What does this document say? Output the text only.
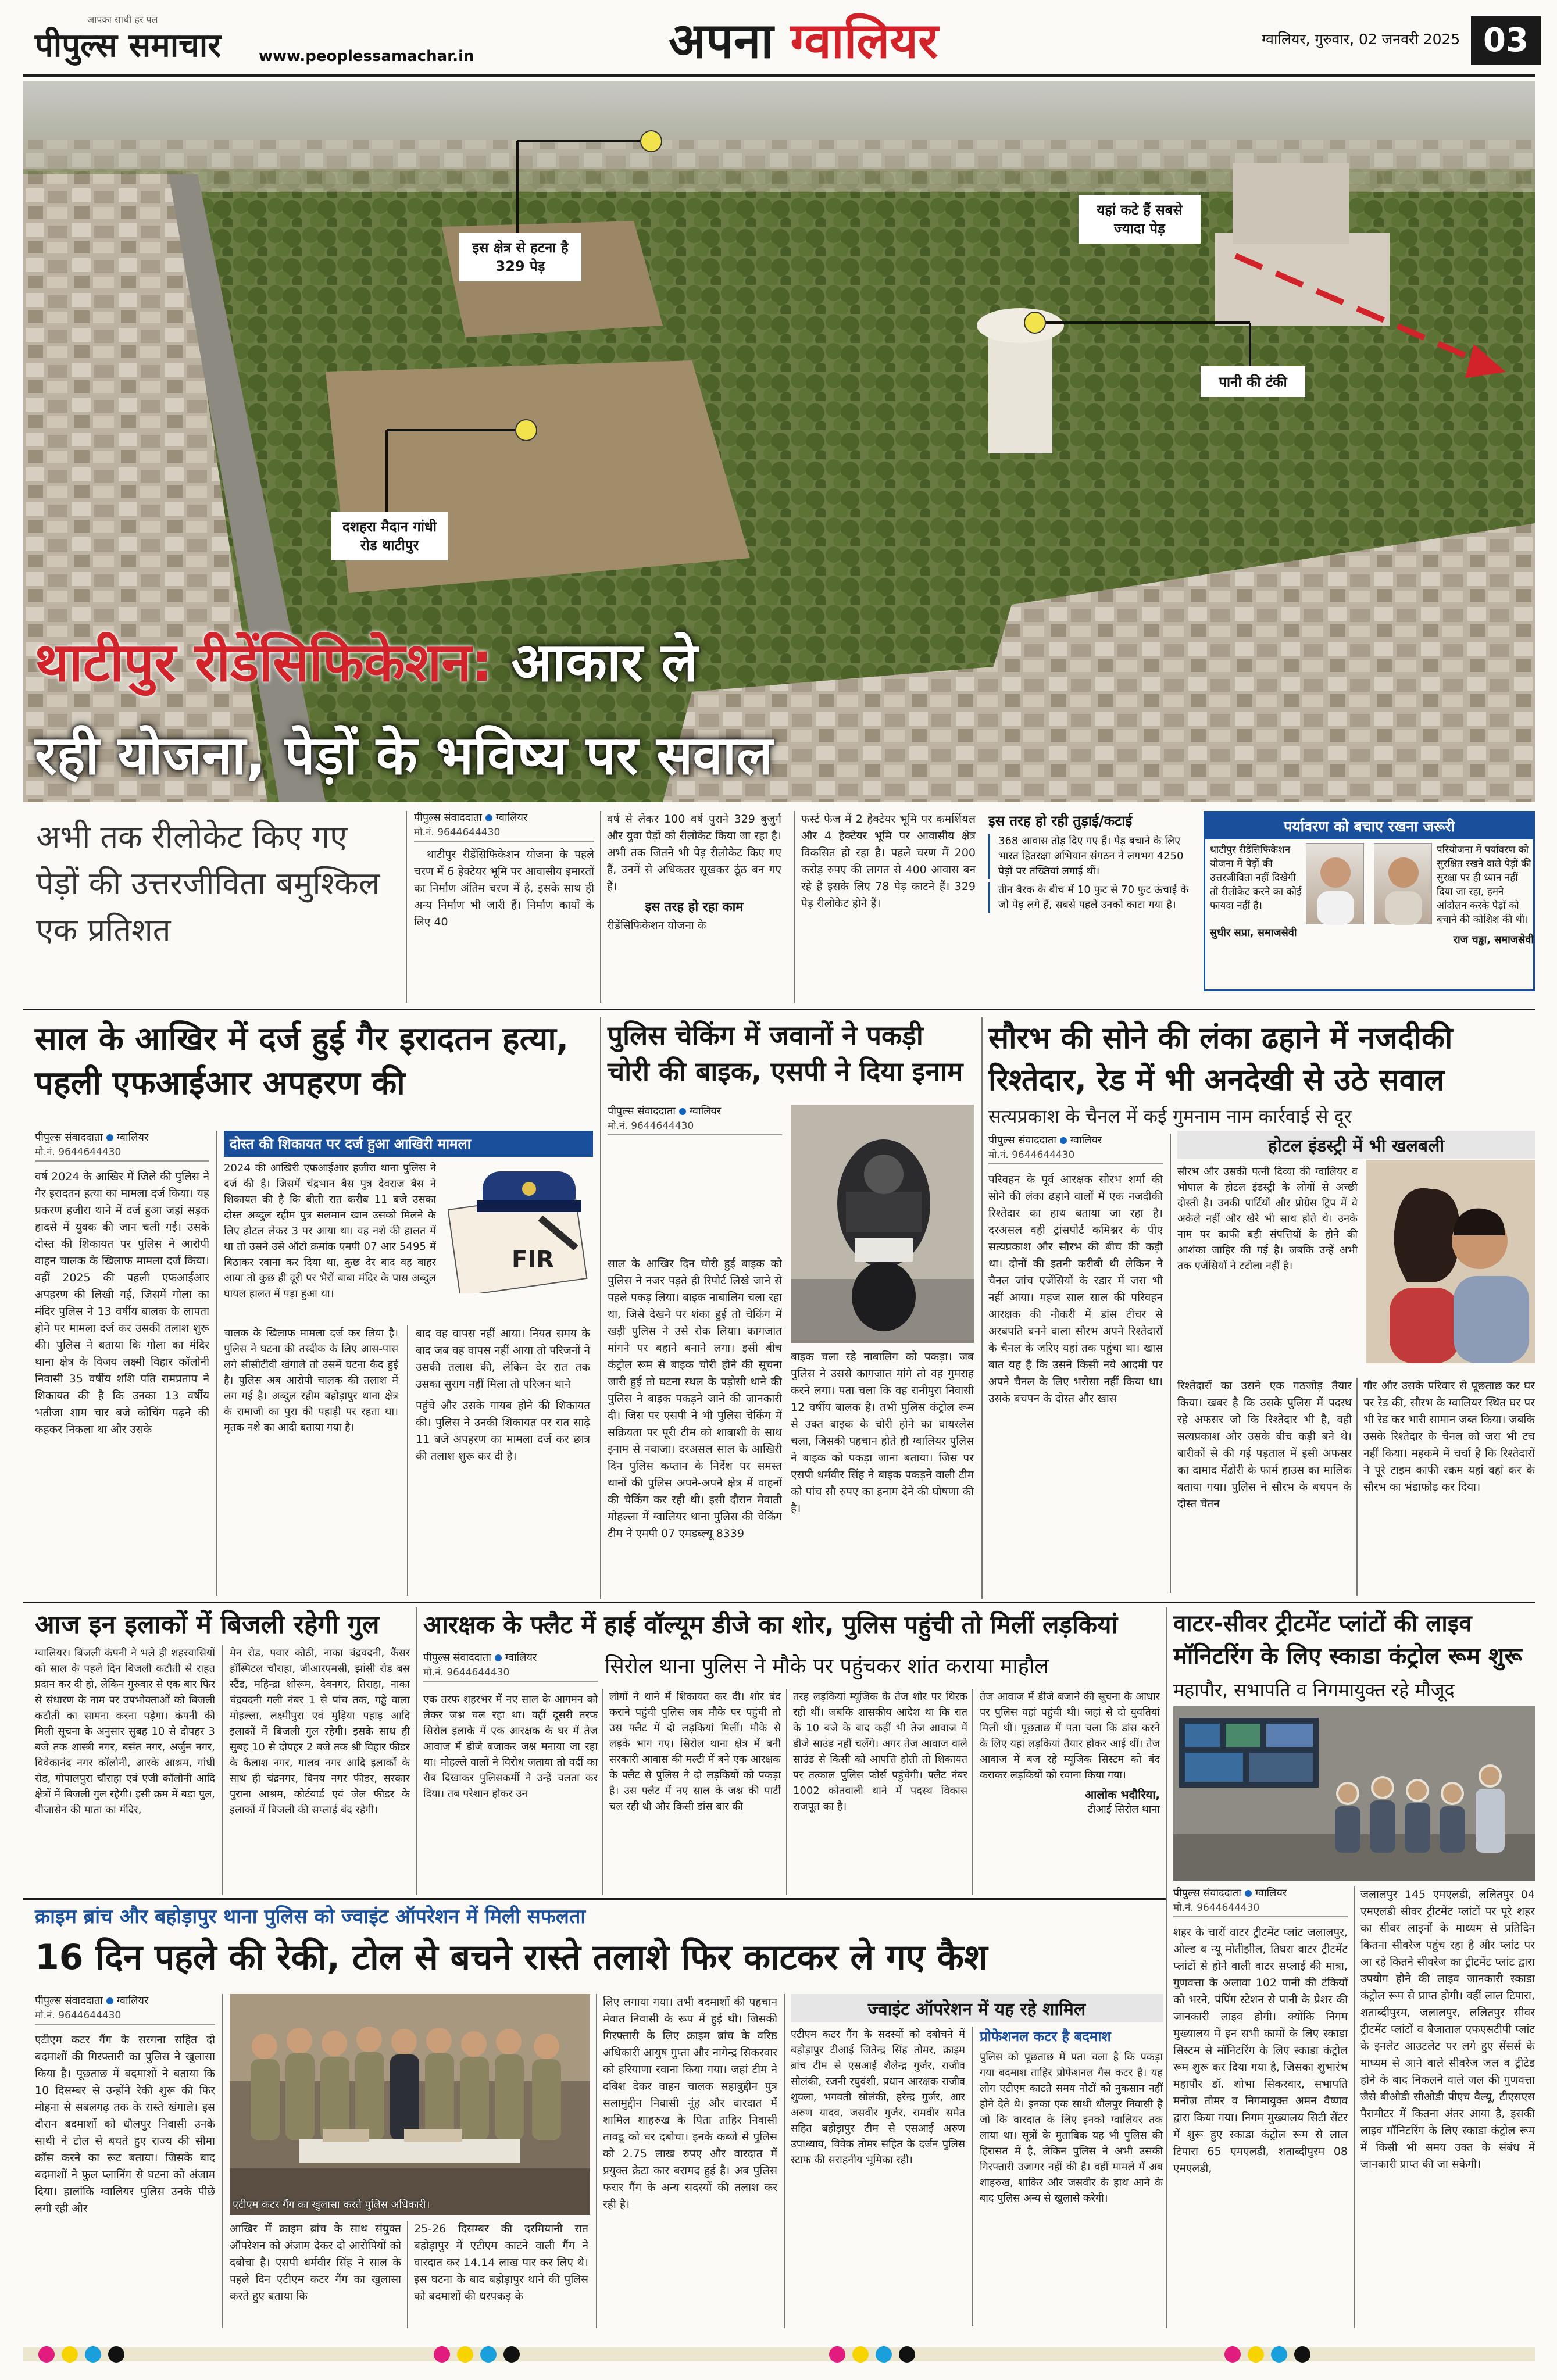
पीपुल्स समाचार
आपका साथी हर पल
www.peoplessamachar.in	अपना ग्वालियर	ग्वालियर, गुरुवार, 02 जनवरी 2025 03
इस क्षेत्र से हटना है 329 पेड़
यहां कटे हैं सबसे ज्यादा पेड़
पानी की टंकी
दशहरा मैदान गांधी रोड थाटीपुर
थाटीपुर रीडेंसिफिकेशन: आकार ले
रही योजना, पेड़ों के भविष्य पर सवाल
अभी तक रीलोकेट किए गए पेड़ों की उत्तरजीविता बमुश्किल एक प्रतिशत
पीपुल्स संवाददाता ग्वालियर
मो.नं. 9644644430
थाटीपुर रीडेंसिफिकेशन योजना के पहले चरण में 6 हेक्टेयर भूमि पर आवासीय इमारतों का निर्माण अंतिम चरण में है, इसके साथ ही अन्य निर्माण भी जारी हैं। निर्माण कार्यों के लिए 40
वर्ष से लेकर 100 वर्ष पुराने 329 बुजुर्ग और युवा पेड़ों को रीलोकेट किया जा रहा है। अभी तक जितने भी पेड़ रीलोकेट किए गए हैं, उनमें से अधिकतर सूखकर ठूंठ बन गए हैं।
इस तरह हो रहा काम
रीडेंसिफिकेशन योजना के
फर्स्ट फेज में 2 हेक्टेयर भूमि पर कमर्शियल और 4 हेक्टेयर भूमि पर आवासीय क्षेत्र विकसित हो रहा है। पहले चरण में 200 करोड़ रुपए की लागत से 400 आवास बन रहे हैं इसके लिए 78 पेड़ काटने हैं। 329 पेड़ रीलोकेट होने हैं।
इस तरह हो रही तुड़ाई/कटाई
368 आवास तोड़ दिए गए हैं। पेड़ बचाने के लिए भारत हितरक्षा अभियान संगठन ने लगभग 4250 पेड़ों पर तख्तियां लगाई थीं।
तीन बैरक के बीच में 10 फुट से 70 फुट ऊंचाई के जो पेड़ लगे हैं, सबसे पहले उनको काटा गया है।
पर्यावरण को बचाए रखना जरूरी
थाटीपुर रीडेंसिफिकेशन योजना में पेड़ों की उत्तरजीविता नहीं दिखेगी तो रीलोकेट करने का कोई फायदा नहीं है।
सुधीर सप्रा, समाजसेवी
परियोजना में पर्यावरण को सुरक्षित रखने वाले पेड़ों की सुरक्षा पर ही ध्यान नहीं दिया जा रहा, हमने आंदोलन करके पेड़ों को बचाने की कोशिश की थी।
राज चड्ढा, समाजसेवी
साल के आखिर में दर्ज हुई गैर इरादतन हत्या, पहली एफआईआर अपहरण की
पीपुल्स संवाददाता ग्वालियर
मो.नं. 9644644430
वर्ष 2024 के आखिर में जिले की पुलिस ने गैर इरादतन हत्या का मामला दर्ज किया। यह प्रकरण हजीरा थाने में दर्ज हुआ जहां सड़क हादसे में युवक की जान चली गई। उसके दोस्त की शिकायत पर पुलिस ने आरोपी वाहन चालक के खिलाफ मामला दर्ज किया। वहीं 2025 की पहली एफआईआर अपहरण की लिखी गई, जिसमें गोला का मंदिर पुलिस ने 13 वर्षीय बालक के लापता होने पर मामला दर्ज कर उसकी तलाश शुरू की। पुलिस ने बताया कि गोला का मंदिर थाना क्षेत्र के विजय लक्ष्मी विहार कॉलोनी निवासी 35 वर्षीय शशि पति रामप्रताप ने शिकायत की है कि उनका 13 वर्षीय भतीजा शाम चार बजे कोचिंग पढ़ने की कहकर निकला था और उसके
दोस्त की शिकायत पर दर्ज हुआ आखिरी मामला
2024 की आखिरी एफआईआर हजीरा थाना पुलिस ने दर्ज की है। जिसमें चंद्रभान बैस पुत्र देवराज बैस ने शिकायत की है कि बीती रात करीब 11 बजे उसका दोस्त अब्दुल रहीम पुत्र सलमान खान उसको मिलने के लिए होटल लेकर 3 पर आया था। वह नशे की हालत में था तो उसने उसे ऑटो क्रमांक एमपी 07 आर 5495 में बिठाकर रवाना कर दिया था, कुछ देर बाद वह बाहर आया तो कुछ ही दूरी पर भैरों बाबा मंदिर के पास अब्दुल घायल हालत में पड़ा हुआ था।
FIR
चालक के खिलाफ मामला दर्ज कर लिया है। पुलिस ने घटना की तस्दीक के लिए आस-पास लगे सीसीटीवी खंगाले तो उसमें घटना कैद हुई है। पुलिस अब आरोपी चालक की तलाश में लग गई है। अब्दुल रहीम बहोड़ापुर थाना क्षेत्र के रामाजी का पुरा की पहाड़ी पर रहता था। मृतक नशे का आदी बताया गया है।
बाद वह वापस नहीं आया। नियत समय के बाद जब वह वापस नहीं आया तो परिजनों ने उसकी तलाश की, लेकिन देर रात तक उसका सुराग नहीं मिला तो परिजन थाने
पहुंचे और उसके गायब होने की शिकायत की। पुलिस ने उनकी शिकायत पर रात साढ़े 11 बजे अपहरण का मामला दर्ज कर छात्र की तलाश शुरू कर दी है।
पुलिस चेकिंग में जवानों ने पकड़ी चोरी की बाइक, एसपी ने दिया इनाम
पीपुल्स संवाददाता ग्वालियर
मो.नं. 9644644430
साल के आखिर दिन चोरी हुई बाइक को पुलिस ने नजर पड़ते ही रिपोर्ट लिखे जाने से पहले पकड़ लिया। बाइक नाबालिग चला रहा था, जिसे देखने पर शंका हुई तो चेकिंग में खड़ी पुलिस ने उसे रोक लिया। कागजात मांगने पर बहाने बनाने लगा। इसी बीच कंट्रोल रूम से बाइक चोरी होने की सूचना जारी हुई तो घटना स्थल के पड़ोसी थाने की पुलिस ने बाइक पकड़ने जाने की जानकारी दी। जिस पर एसपी ने भी पुलिस चेकिंग में सक्रियता पर पूरी टीम को शाबाशी के साथ इनाम से नवाजा। दरअसल साल के आखिरी दिन पुलिस कप्तान के निर्देश पर समस्त थानों की पुलिस अपने-अपने क्षेत्र में वाहनों की चेकिंग कर रही थी। इसी दौरान मेवाती मोहल्ला में ग्वालियर थाना पुलिस की चेकिंग टीम ने एमपी 07 एमडब्ल्यू 8339
बाइक चला रहे नाबालिग को पकड़ा। जब पुलिस ने उससे कागजात मांगे तो वह गुमराह करने लगा। पता चला कि वह रानीपुरा निवासी 12 वर्षीय बालक है। तभी पुलिस कंट्रोल रूम से उक्त बाइक के चोरी होने का वायरलेस चला, जिसकी पहचान होते ही ग्वालियर पुलिस ने बाइक को पकड़ा जाना बताया। जिस पर एसपी धर्मवीर सिंह ने बाइक पकड़ने वाली टीम को पांच सौ रुपए का इनाम देने की घोषणा की है।
सौरभ की सोने की लंका ढहाने में नजदीकी रिश्तेदार, रेड में भी अनदेखी से उठे सवाल
सत्यप्रकाश के चैनल में कई गुमनाम नाम कार्रवाई से दूर
पीपुल्स संवाददाता ग्वालियर
मो.नं. 9644644430
परिवहन के पूर्व आरक्षक सौरभ शर्मा की सोने की लंका ढहाने वालों में एक नजदीकी रिश्तेदार का हाथ बताया जा रहा है। दरअसल वही ट्रांसपोर्ट कमिश्नर के पीए सत्यप्रकाश और सौरभ की बीच की कड़ी था। दोनों की इतनी करीबी थी लेकिन ने चैनल जांच एजेंसियों के रडार में जरा भी नहीं आया। महज साल साल की परिवहन आरक्षक की नौकरी में डांस टीचर से अरबपति बनने वाला सौरभ अपने रिश्तेदारों के चैनल के जरिए यहां तक पहुंचा था। खास बात यह है कि उसने किसी नये आदमी पर अपने चैनल के लिए भरोसा नहीं किया था। उसके बचपन के दोस्त और खास
होटल इंडस्ट्री में भी खलबली
सौरभ और उसकी पत्नी दिव्या की ग्वालियर व भोपाल के होटल इंडस्ट्री के लोगों से अच्छी दोस्ती है। उनकी पार्टियों और प्रोग्रेस ट्रिप में वे अकेले नहीं और खेरे भी साथ होते थे। उनके नाम पर काफी बड़ी संपत्तियों के होने की आशंका जाहिर की गई है। जबकि उन्हें अभी तक एजेंसियों ने टटोला नहीं है।
रिश्तेदारों का उसने एक गठजोड़ तैयार किया। खबर है कि उसके पुलिस में पदस्थ रहे अफसर जो कि रिश्तेदार भी है, वही सत्यप्रकाश और उसके बीच कड़ी बने थे। बारीकों से की गई पड़ताल में इसी अफसर का दामाद मेंढोरी के फार्म हाउस का मालिक बताया गया। पुलिस ने सौरभ के बचपन के दोस्त चेतन
गौर और उसके परिवार से पूछताछ कर घर पर रेड की, सौरभ के ग्वालियर स्थित घर पर भी रेड कर भारी सामान जब्त किया। जबकि उसके रिश्तेदार के चैनल को जरा भी टच नहीं किया। महकमे में चर्चा है कि रिश्तेदारों ने पूरे टाइम काफी रकम यहां वहां कर के सौरभ का भंडाफोड़ कर दिया।
आज इन इलाकों में बिजली रहेगी गुल
ग्वालियर। बिजली कंपनी ने भले ही शहरवासियों को साल के पहले दिन बिजली कटौती से राहत प्रदान कर दी हो, लेकिन गुरुवार से एक बार फिर से संधारण के नाम पर उपभोक्ताओं को बिजली कटौती का सामना करना पड़ेगा। कंपनी की मिली सूचना के अनुसार सुबह 10 से दोपहर 3 बजे तक शास्त्री नगर, बसंत नगर, अर्जुन नगर, विवेकानंद नगर कॉलोनी, आरके आश्रम, गांधी रोड, गोपालपुरा चौराहा एवं एजी कॉलोनी आदि क्षेत्रों में बिजली गुल रहेगी। इसी क्रम में बड़ा पुल, बीजासेन की माता का मंदिर,
मेन रोड, पवार कोठी, नाका चंद्रवदनी, कैंसर हॉस्पिटल चौराहा, जीआरएमसी, झांसी रोड बस स्टैंड, महिन्द्रा शोरूम, देवनगर, तिराहा, नाका चंद्रवदनी गली नंबर 1 से पांच तक, गड्ढे वाला मोहल्ला, लक्ष्मीपुरा एवं मुड़िया पहाड़ आदि इलाकों में बिजली गुल रहेगी। इसके साथ ही सुबह 10 से दोपहर 2 बजे तक श्री विहार फीडर के कैलाश नगर, गालव नगर आदि इलाकों के साथ ही चंद्रनगर, विनय नगर फीडर, सरकार पुराना आश्रम, कोर्टयार्ड एवं जेल फीडर के इलाकों में बिजली की सप्लाई बंद रहेगी।
आरक्षक के फ्लैट में हाई वॉल्यूम डीजे का शोर, पुलिस पहुंची तो मिलीं लड़कियां
पीपुल्स संवाददाता ग्वालियर
मो.नं. 9644644430	सिरोल थाना पुलिस ने मौके पर पहुंचकर शांत कराया माहौल
एक तरफ शहरभर में नए साल के आगमन को लेकर जश्न चल रहा था। वहीं दूसरी तरफ सिरोल इलाके में एक आरक्षक के घर में तेज आवाज में डीजे बजाकर जश्न मनाया जा रहा था। मोहल्ले वालों ने विरोध जताया तो वर्दी का रौब दिखाकर पुलिसकर्मी ने उन्हें चलता कर दिया। तब परेशान होकर उन
लोगों ने थाने में शिकायत कर दी। शोर बंद कराने पहुंची पुलिस जब मौके पर पहुंची तो उस फ्लैट में दो लड़कियां मिलीं। मौके से लड़के भाग गए। सिरोल थाना क्षेत्र में बनी सरकारी आवास की मल्टी में बने एक आरक्षक के फ्लैट से पुलिस ने दो लड़कियों को पकड़ा है। उस फ्लैट में नए साल के जश्न की पार्टी चल रही थी और किसी डांस बार की
तरह लड़कियां म्यूजिक के तेज शोर पर थिरक रही थीं। जबकि शासकीय आदेश था कि रात के 10 बजे के बाद कहीं भी तेज आवाज में डीजे साउंड नहीं चलेंगे। अगर तेज आवाज वाले साउंड से किसी को आपत्ति होती तो शिकायत पर तत्काल पुलिस फोर्स पहुंचेगी। फ्लैट नंबर 1002 कोतवाली थाने में पदस्थ विकास राजपूत का है।
तेज आवाज में डीजे बजाने की सूचना के आधार पर पुलिस वहां पहुंची थी। जहां से दो युवतियां मिली थीं। पूछताछ में पता चला कि डांस करने के लिए यहां लड़कियां तैयार होकर आई थीं। तेज आवाज में बज रहे म्यूजिक सिस्टम को बंद कराकर लड़कियों को रवाना किया गया।
आलोक भदौरिया,
टीआई सिरोल थाना
वाटर-सीवर ट्रीटमेंट प्लांटों की लाइव मॉनिटरिंग के लिए स्काडा कंट्रोल रूम शुरू
महापौर, सभापति व निगमायुक्त रहे मौजूद
पीपुल्स संवाददाता ग्वालियर
मो.नं. 9644644430
शहर के चारों वाटर ट्रीटमेंट प्लांट जलालपुर, ओल्ड व न्यू मोतीझील, तिघरा वाटर ट्रीटमेंट प्लांटों से होने वाली वाटर सप्लाई की मात्रा, गुणवत्ता के अलावा 102 पानी की टंकियों को भरने, पंपिंग स्टेशन से पानी के प्रेशर की जानकारी लाइव होगी। क्योंकि निगम मुख्यालय में इन सभी कामों के लिए स्काडा सिस्टम से मॉनिटरिंग के लिए स्काडा कंट्रोल रूम शुरू कर दिया गया है, जिसका शुभारंभ महापौर डॉ. शोभा सिकरवार, सभापति मनोज तोमर व निगमायुक्त अमन वैष्णव द्वारा किया गया। निगम मुख्यालय सिटी सेंटर में शुरू हुए स्काडा कंट्रोल रूम से लाल टिपारा 65 एमएलडी, शताब्दीपुरम 08 एमएलडी,
जलालपुर 145 एमएलडी, ललितपुर 04 एमएलडी सीवर ट्रीटमेंट प्लांटों पर पूरे शहर का सीवर लाइनों के माध्यम से प्रतिदिन कितना सीवरेज पहुंच रहा है और प्लांट पर आ रहे कितने सीवरेज का ट्रीटमेंट प्लांट द्वारा उपयोग होने की लाइव जानकारी स्काडा कंट्रोल रूम से प्राप्त होगी। वहीं लाल टिपारा, शताब्दीपुरम, जलालपुर, ललितपुर सीवर ट्रीटमेंट प्लांटों व बैजाताल एफएसटीपी प्लांट के इनलेट आउटलेट पर लगे हुए सेंसर्स के माध्यम से आने वाले सीवरेज जल व ट्रीटेड होने के बाद निकलने वाले जल की गुणवत्ता जैसे बीओडी सीओडी पीएच वैल्यू, टीएसएस पैरामीटर में कितना अंतर आया है, इसकी लाइव मॉनिटरिंग के लिए स्काडा कंट्रोल रूम में किसी भी समय उक्त के संबंध में जानकारी प्राप्त की जा सकेगी।
क्राइम ब्रांच और बहोड़ापुर थाना पुलिस को ज्वाइंट ऑपरेशन में मिली सफलता
16 दिन पहले की रेकी, टोल से बचने रास्ते तलाशे फिर काटकर ले गए कैश
पीपुल्स संवाददाता ग्वालियर
मो.नं. 9644644430
एटीएम कटर गैंग के सरगना सहित दो बदमाशों की गिरफ्तारी का पुलिस ने खुलासा किया है। पूछताछ में बदमाशों ने बताया कि 10 दिसम्बर से उन्होंने रेकी शुरू की फिर मोहना से सबलगढ़ तक के रास्ते खंगाले। इस दौरान बदमाशों को धौलपुर निवासी उनके साथी ने टोल से बचते हुए राज्य की सीमा क्रॉस करने का रूट बताया। जिसके बाद बदमाशों ने फुल प्लानिंग से घटना को अंजाम दिया। हालांकि ग्वालियर पुलिस उनके पीछे लगी रही और	एटीएम कटर गैंग का खुलासा करते पुलिस अधिकारी।
आखिर में क्राइम ब्रांच के साथ संयुक्त ऑपरेशन को अंजाम देकर दो आरोपियों को दबोचा है। एसपी धर्मवीर सिंह ने साल के पहले दिन एटीएम कटर गैंग का खुलासा करते हुए बताया कि
25-26 दिसम्बर की दरमियानी रात बहोड़ापुर में एटीएम काटने वाली गैंग ने वारदात कर 14.14 लाख पार कर लिए थे। इस घटना के बाद बहोड़ापुर थाने की पुलिस को बदमाशों की धरपकड़ के
लिए लगाया गया। तभी बदमाशों की पहचान मेवात निवासी के रूप में हुई थी। जिसकी गिरफ्तारी के लिए क्राइम ब्रांच के वरिष्ठ अधिकारी आयुष गुप्ता और नागेन्द्र सिकरवार को हरियाणा रवाना किया गया। जहां टीम ने दबिश देकर वाहन चालक सहाबुद्दीन पुत्र सलामुद्दीन निवासी नूंह और वारदात में शामिल शाहरुख के पिता ताहिर निवासी तावडू को धर दबोचा। इनके कब्जे से पुलिस को 2.75 लाख रुपए और वारदात में प्रयुक्त क्रेटा कार बरामद हुई है। अब पुलिस फरार गैंग के अन्य सदस्यों की तलाश कर रही है।
ज्वाइंट ऑपरेशन में यह रहे शामिल
एटीएम कटर गैंग के सदस्यों को दबोचने में बहोड़ापुर टीआई जितेन्द्र सिंह तोमर, क्राइम ब्रांच टीम से एसआई शैलेन्द्र गुर्जर, राजीव सोलंकी, रजनी रघुवंशी, प्रधान आरक्षक राजीव शुक्ला, भगवती सोलंकी, हरेन्द्र गुर्जर, आर अरुण यादव, जसवीर गुर्जर, रामवीर समेत सहित बहोड़ापुर टीम से एसआई अरुण उपाध्याय, विवेक तोमर सहित के दर्जन पुलिस स्टाफ की सराहनीय भूमिका रही।
प्रोफेशनल कटर है बदमाश
पुलिस को पूछताछ में पता चला है कि पकड़ा गया बदमाश ताहिर प्रोफेशनल गैस कटर है। यह लोग एटीएम काटते समय नोटों को नुकसान नहीं होने देते थे। इनका एक साथी धौलपुर निवासी है जो कि वारदात के लिए इनको ग्वालियर तक लाया था। सूत्रों के मुताबिक यह भी पुलिस की हिरासत में है, लेकिन पुलिस ने अभी उसकी गिरफ्तारी उजागर नहीं की है। वहीं मामले में अब शाहरुख, शाकिर और जसवीर के हाथ आने के बाद पुलिस अन्य से खुलासे करेगी।
